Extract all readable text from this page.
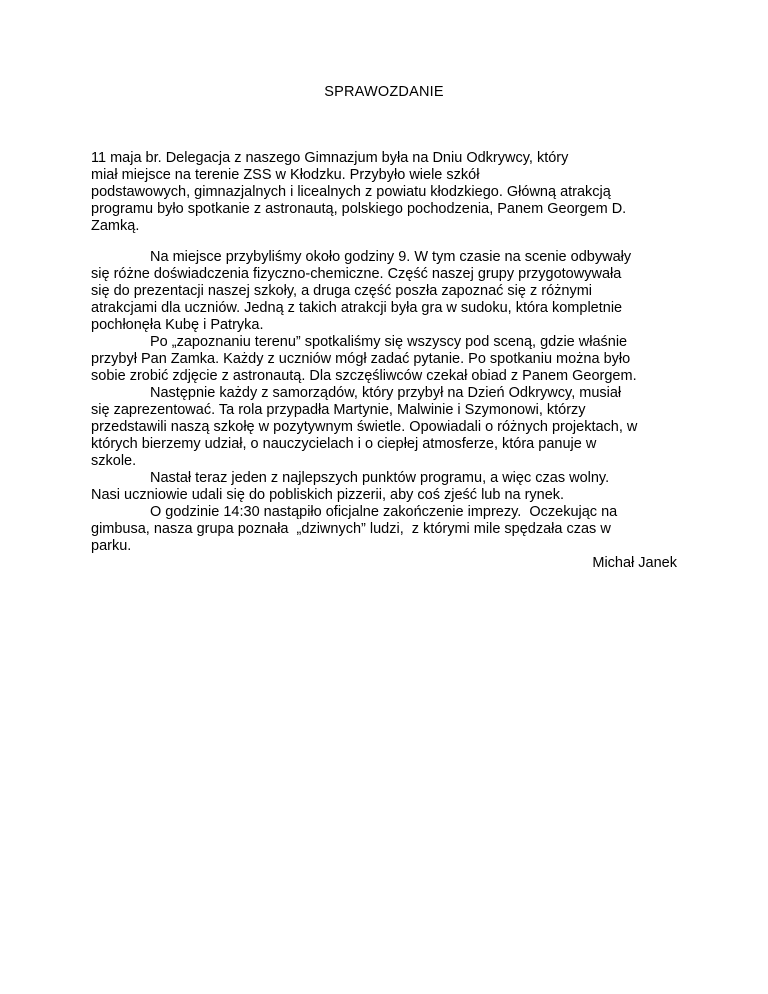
SPRAWOZDANIE
11 maja br. Delegacja z naszego Gimnazjum była na Dniu Odkrywcy, który
miał miejsce na terenie ZSS w Kłodzku. Przybyło wiele szkół
podstawowych, gimnazjalnych i licealnych z powiatu kłodzkiego. Główną atrakcją
programu było spotkanie z astronautą, polskiego pochodzenia, Panem Georgem D.
Zamką.
Na miejsce przybyliśmy około godziny 9. W tym czasie na scenie odbywały
się różne doświadczenia fizyczno-chemiczne. Część naszej grupy przygotowywała
się do prezentacji naszej szkoły, a druga część poszła zapoznać się z różnymi
atrakcjami dla uczniów. Jedną z takich atrakcji była gra w sudoku, która kompletnie
pochłonęła Kubę i Patryka.
Po „zapoznaniu terenu” spotkaliśmy się wszyscy pod sceną, gdzie właśnie
przybył Pan Zamka. Każdy z uczniów mógł zadać pytanie. Po spotkaniu można było
sobie zrobić zdjęcie z astronautą. Dla szczęśliwców czekał obiad z Panem Georgem.
Następnie każdy z samorządów, który przybył na Dzień Odkrywcy, musiał
się zaprezentować. Ta rola przypadła Martynie, Malwinie i Szymonowi, którzy
przedstawili naszą szkołę w pozytywnym świetle. Opowiadali o różnych projektach, w
których bierzemy udział, o nauczycielach i o ciepłej atmosferze, która panuje w
szkole.
Nastał teraz jeden z najlepszych punktów programu, a więc czas wolny.
Nasi uczniowie udali się do pobliskich pizzerii, aby coś zjeść lub na rynek.
O godzinie 14:30 nastąpiło oficjalne zakończenie imprezy.  Oczekując na
gimbusa, nasza grupa poznała  „dziwnych” ludzi,  z którymi mile spędzała czas w
parku.
Michał Janek
